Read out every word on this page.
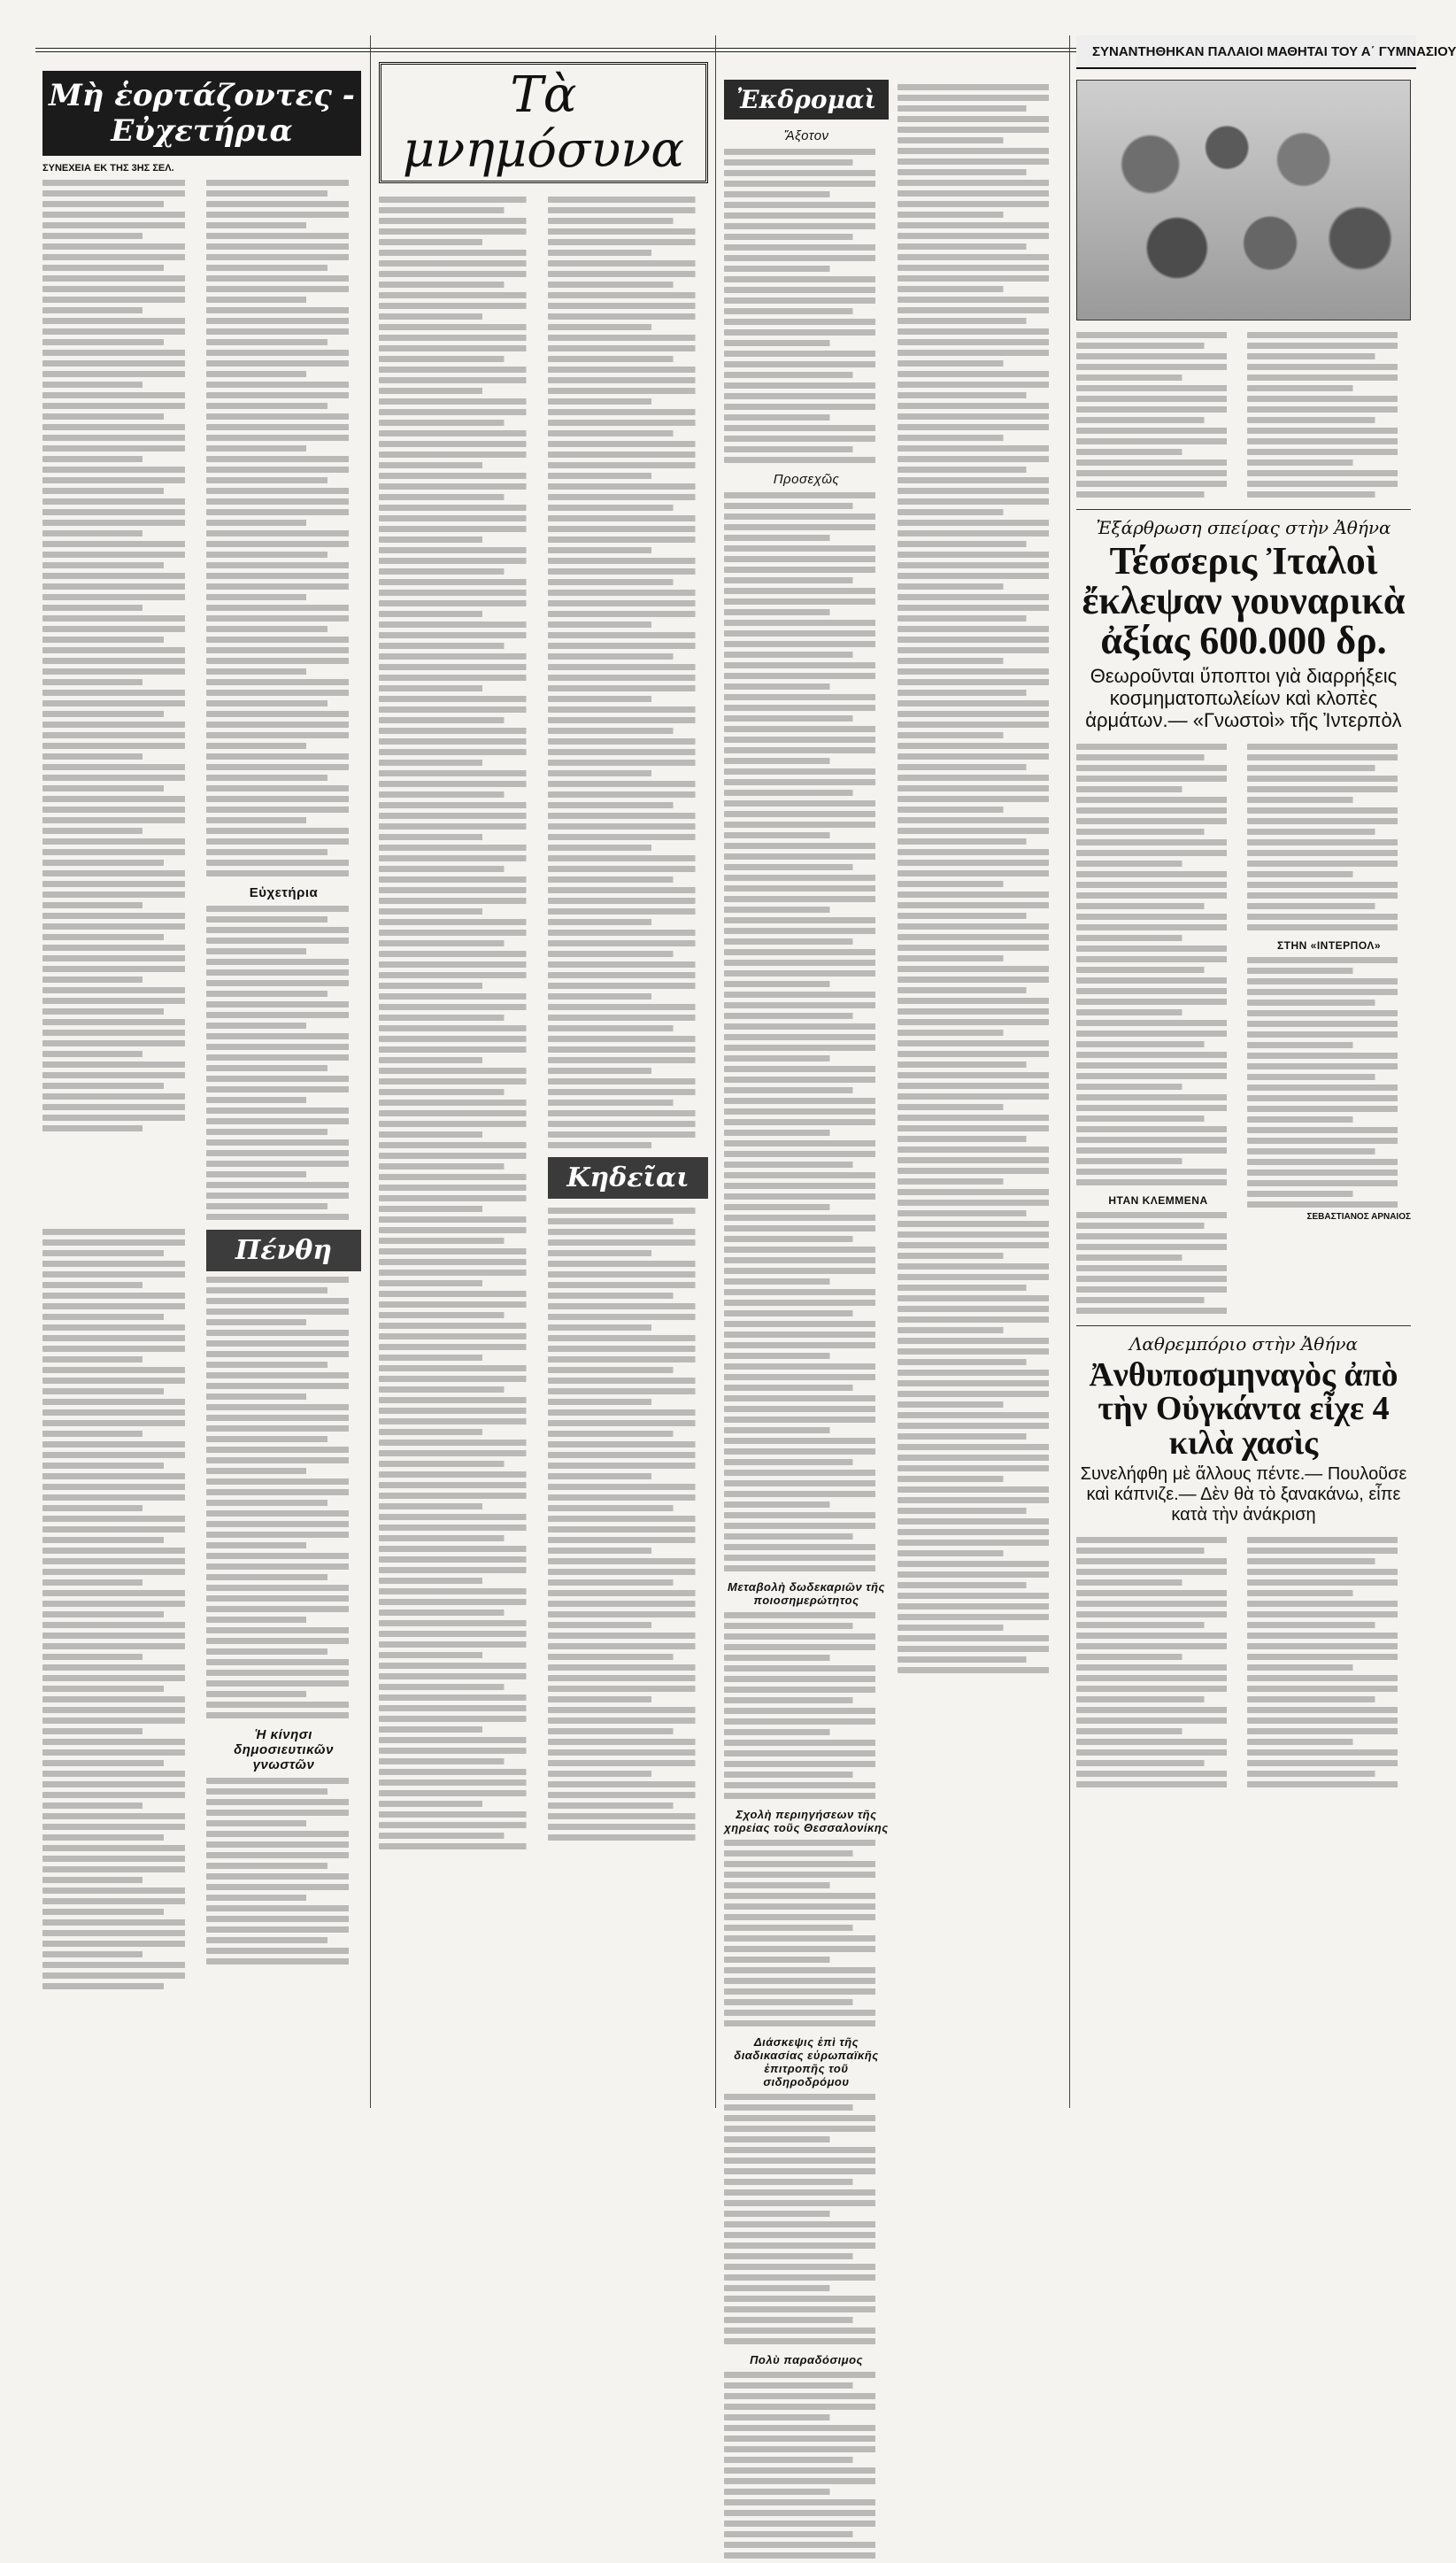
ΣΥΝΑΝΤΗΘΗΚΑΝ ΠΑΛΑΙΟΙ ΜΑΘΗΤΑΙ ΤΟΥ Α΄ ΓΥΜΝΑΣΙΟΥ
Μὴ ἑορτάζοντες - Εὐχετήρια
ΣΥΝΕΧΕΙΑ ΕΚ ΤΗΣ 3ΗΣ ΣΕΛ.
Εὐχετήρια
Πένθη
Ἡ κίνησι δημοσιευτικῶν γνωστῶν
Τὰ μνημόσυνα
Κηδεῖαι
Ἐκδρομαὶ
Ἄξοτον
Προσεχῶς
Μεταβολὴ δωδεκαριῶν τῆς ποιοσημερώτητος
Σχολὴ περιηγήσεων τῆς χηρείας τοῦς Θεσσαλονίκης
Διάσκεψις ἐπὶ τῆς διαδικασίας εὐρωπαϊκῆς ἐπιτροπῆς τοῦ σιδηροδρόμου
Πολὺ παραδόσιμος
Ἐξάρθρωση σπείρας στὴν Ἀθήνα
Τέσσερις Ἰταλοὶ ἔκλεψαν γουναρικὰ ἀξίας 600.000 δρ.
Θεωροῦνται ὕποπτοι γιὰ διαρρήξεις κοσμηματοπωλείων καὶ κλοπὲς ἁρμάτων.— «Γνωστοὶ» τῆς Ἰντερπὸλ
ΗΤΑΝ ΚΛΕΜΜΕΝΑ
ΣΤΗΝ «ΙΝΤΕΡΠΟΛ»
ΣΕΒΑΣΤΙΑΝΟΣ ΑΡΝΑΙΟΣ
Λαθρεμπόριο στὴν Ἀθήνα
Ἀνθυποσμηναγὸς ἀπὸ τὴν Οὐγκάντα εἶχε 4 κιλὰ χασὶς
Συνελήφθη μὲ ἄλλους πέντε.— Πουλοῦσε καὶ κάπνιζε.— Δὲν θὰ τὸ ξανακάνω, εἶπε κατὰ τὴν ἀνάκριση
